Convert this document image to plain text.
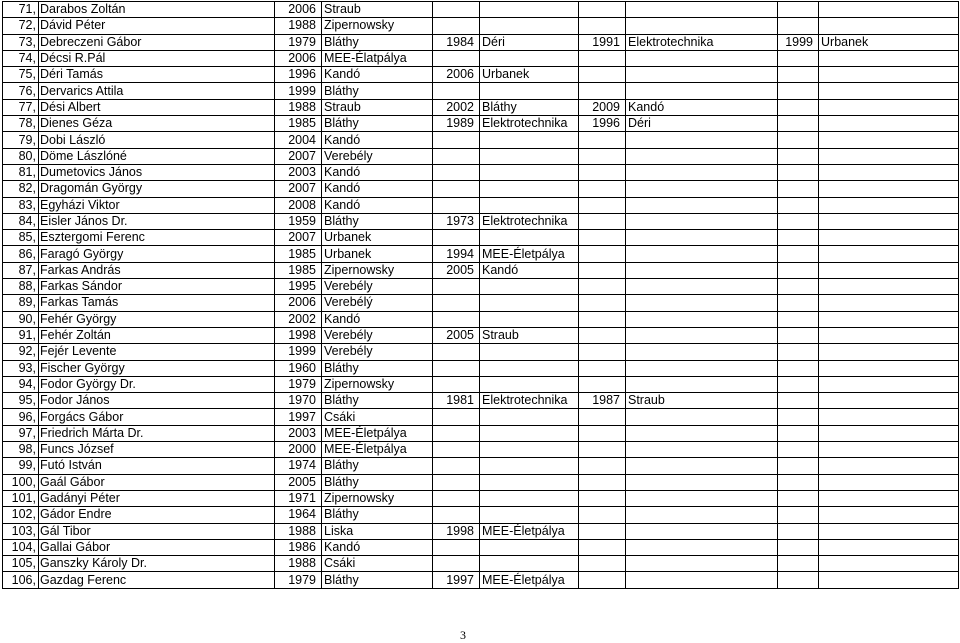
71,	Darabos Zoltán	2006	Straub						
72,	Dávid Péter	1988	Zipernowsky						
73,	Debreczeni Gábor	1979	Bláthy	1984	Déri	1991	Elektrotechnika	1999	Urbanek
74,	Décsi R.Pál	2006	MEE-Élatpálya						
75,	Déri Tamás	1996	Kandó	2006	Urbanek				
76,	Dervarics Attila	1999	Bláthy						
77,	Dési Albert	1988	Straub	2002	Bláthy	2009	Kandó		
78,	Dienes Géza	1985	Bláthy	1989	Elektrotechnika	1996	Déri		
79,	Dobi László	2004	Kandó						
80,	Döme Lászlóné	2007	Verebély						
81,	Dumetovics János	2003	Kandó						
82,	Dragomán György	2007	Kandó						
83,	Egyházi Viktor	2008	Kandó						
84,	Eisler János Dr.	1959	Bláthy	1973	Elektrotechnika				
85,	Esztergomi Ferenc	2007	Urbanek						
86,	Faragó György	1985	Urbanek	1994	MEE-Életpálya				
87,	Farkas András	1985	Zipernowsky	2005	Kandó				
88,	Farkas Sándor	1995	Verebély						
89,	Farkas Tamás	2006	Verebélý						
90,	Fehér György	2002	Kandó						
91,	Fehér Zoltán	1998	Verebély	2005	Straub				
92,	Fejér Levente	1999	Verebély						
93,	Fischer György	1960	Bláthy						
94,	Fodor György Dr.	1979	Zipernowsky						
95,	Fodor János	1970	Bláthy	1981	Elektrotechnika	1987	Straub		
96,	Forgács Gábor	1997	Csáki						
97,	Friedrich Márta Dr.	2003	MEE-Életpálya						
98,	Funcs József	2000	MEE-Életpálya						
99,	Futó István	1974	Bláthy						
100,	Gaál Gábor	2005	Bláthy						
101,	Gadányi Péter	1971	Zipernowsky						
102,	Gádor Endre	1964	Bláthy						
103,	Gál Tibor	1988	Liska	1998	MEE-Életpálya				
104,	Gallai Gábor	1986	Kandó						
105,	Ganszky Károly Dr.	1988	Csáki						
106,	Gazdag Ferenc	1979	Bláthy	1997	MEE-Életpálya				
3
